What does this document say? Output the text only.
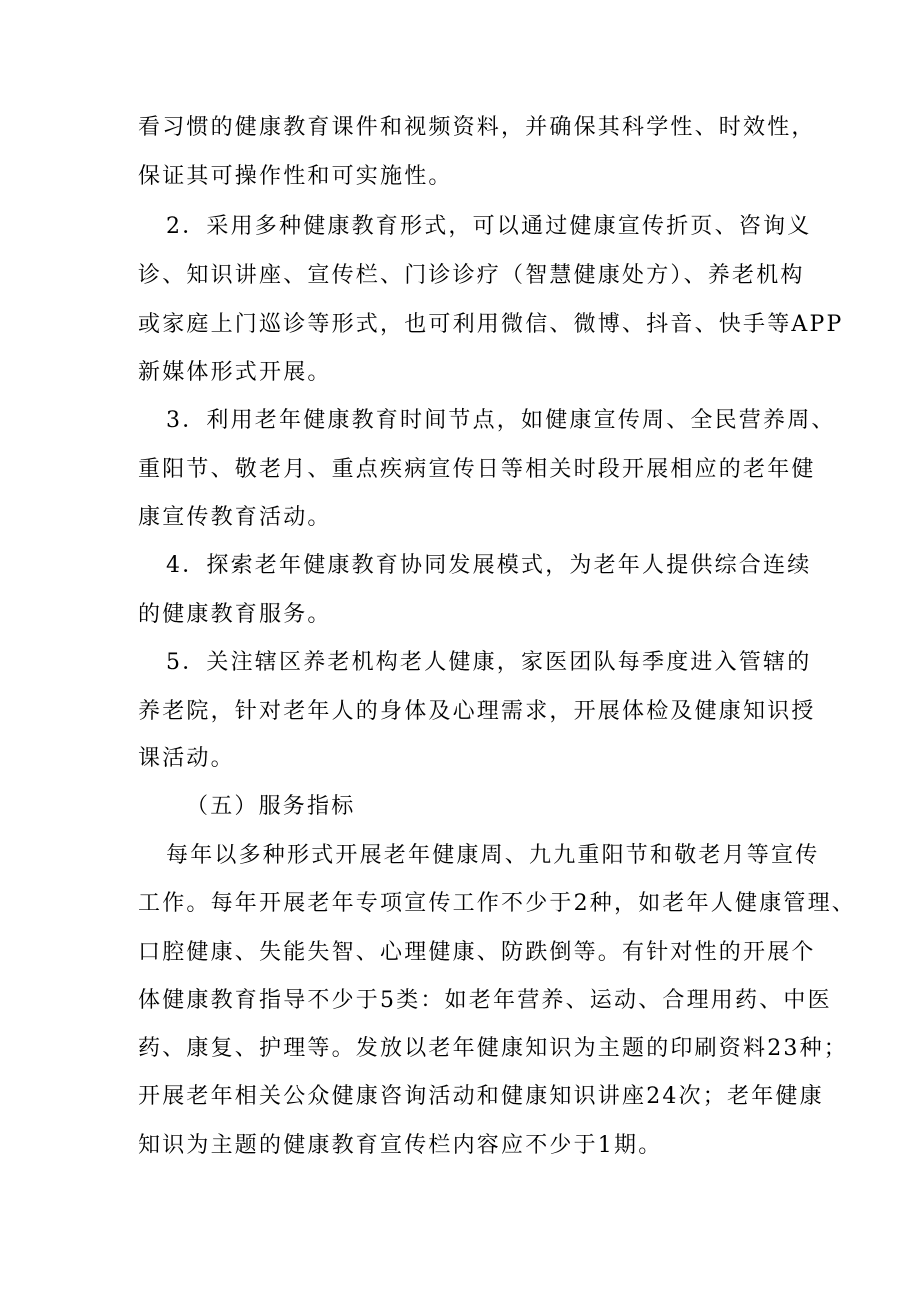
看习惯的健康教育课件和视频资料，并确保其科学性、时效性，
保证其可操作性和可实施性。
2．采用多种健康教育形式，可以通过健康宣传折页、咨询义
诊、知识讲座、宣传栏、门诊诊疗（智慧健康处方）、养老机构
或家庭上门巡诊等形式，也可利用微信、微博、抖音、快手等APP
新媒体形式开展。
3．利用老年健康教育时间节点，如健康宣传周、全民营养周、
重阳节、敬老月、重点疾病宣传日等相关时段开展相应的老年健
康宣传教育活动。
4．探索老年健康教育协同发展模式，为老年人提供综合连续
的健康教育服务。
5．关注辖区养老机构老人健康，家医团队每季度进入管辖的
养老院，针对老年人的身体及心理需求，开展体检及健康知识授
课活动。
（五）服务指标
每年以多种形式开展老年健康周、九九重阳节和敬老月等宣传
工作。每年开展老年专项宣传工作不少于2种，如老年人健康管理、
口腔健康、失能失智、心理健康、防跌倒等。有针对性的开展个
体健康教育指导不少于5类：如老年营养、运动、合理用药、中医
药、康复、护理等。发放以老年健康知识为主题的印刷资料23种；
开展老年相关公众健康咨询活动和健康知识讲座24次；老年健康
知识为主题的健康教育宣传栏内容应不少于1期。
